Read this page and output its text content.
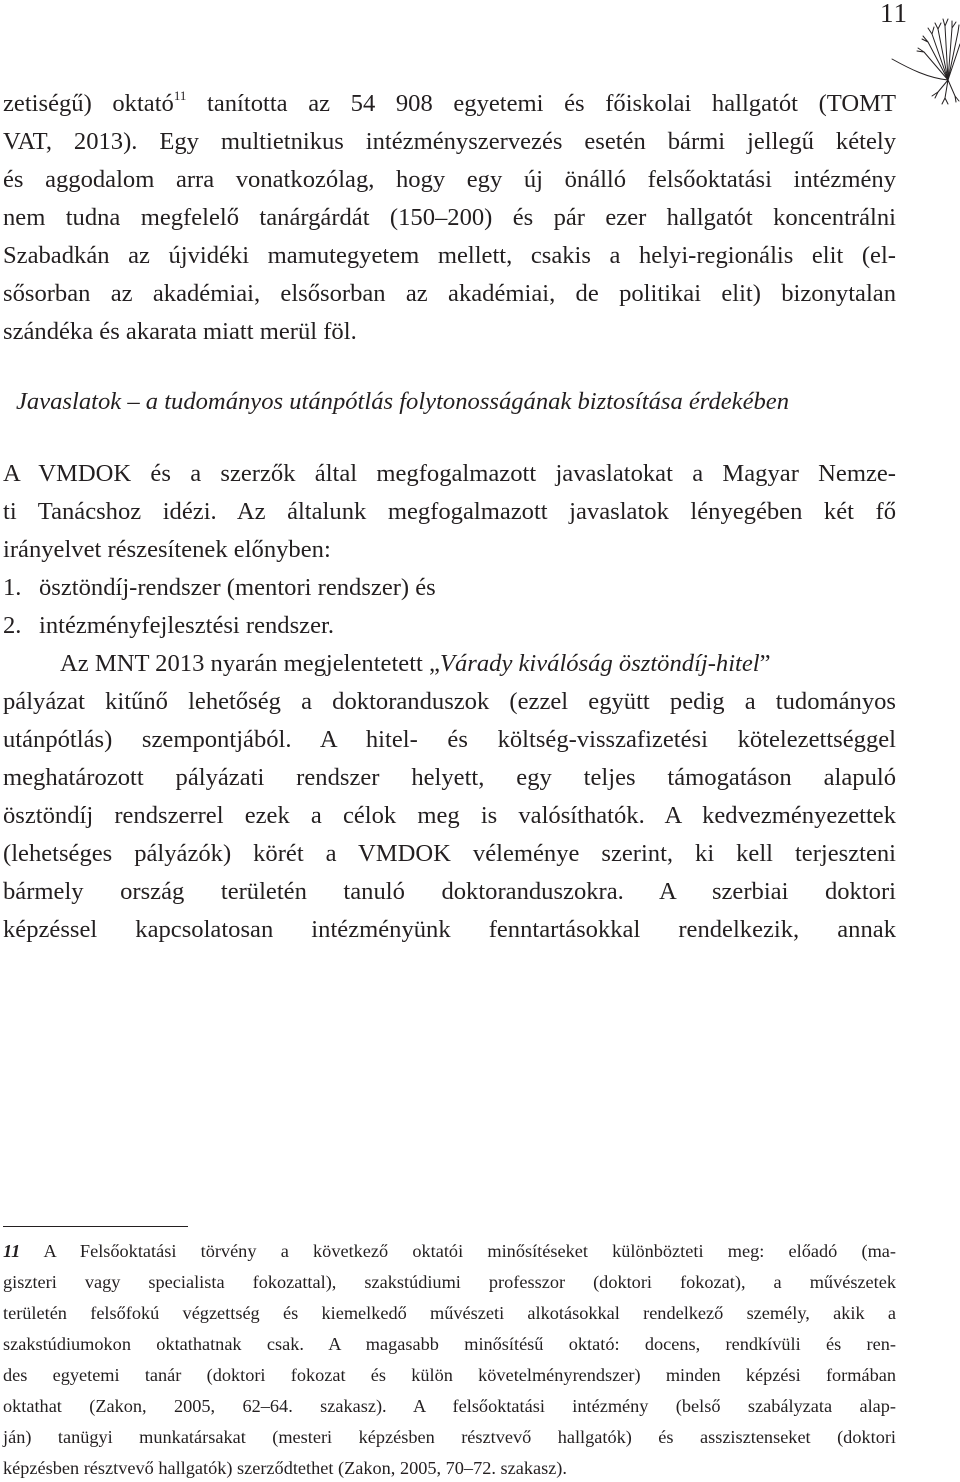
11
zetiségű) oktató$^{11}$ tanította az 54 908 egyetemi és főiskolai hallgatót (TOMT
VAT, 2013). Egy multietnikus intézményszervezés esetén bármi jellegű kétely
és aggodalom arra vonatkozólag, hogy egy új önálló felsőoktatási intézmény
nem tudna megfelelő tanárgárdát (150–200) és pár ezer hallgatót koncentrálni
Szabadkán az újvidéki mamutegyetem mellett, csakis a helyi-regionális elit (el-
sősorban az akadémiai, elsősorban az akadémiai, de politikai elit) bizonytalan
szándéka és akarata miatt merül föl.
Javaslatok – a tudományos utánpótlás folytonosságának biztosítása érdekében
A VMDOK és a szerzők által megfogalmazott javaslatokat a Magyar Nemze-
ti Tanácshoz idézi. Az általunk megfogalmazott javaslatok lényegében két fő
irányelvet részesítenek előnyben:
1. ösztöndíj-rendszer (mentori rendszer) és
2. intézményfejlesztési rendszer.
Az MNT 2013 nyarán megjelentetett „Várady kiválóság ösztöndíj-hitel”
pályázat kitűnő lehetőség a doktoranduszok (ezzel együtt pedig a tudományos
utánpótlás) szempontjából. A hitel- és költség-visszafizetési kötelezettséggel
meghatározott pályázati rendszer helyett, egy teljes támogatáson alapuló
ösztöndíj rendszerrel ezek a célok meg is valósíthatók. A kedvezményezettek
(lehetséges pályázók) körét a VMDOK véleménye szerint, ki kell terjeszteni
bármely ország területén tanuló doktoranduszokra. A szerbiai doktori
képzéssel kapcsolatosan intézményünk fenntartásokkal rendelkezik, annak
11 A Felsőoktatási törvény a következő oktatói minősítéseket különbözteti meg: előadó (ma-
giszteri vagy specialista fokozattal), szakstúdiumi professzor (doktori fokozat), a művészetek
területén felsőfokú végzettség és kiemelkedő művészeti alkotásokkal rendelkező személy, akik a
szakstúdiumokon oktathatnak csak. A magasabb minősítésű oktató: docens, rendkívüli és ren-
des egyetemi tanár (doktori fokozat és külön követelményrendszer) minden képzési formában
oktathat (Zakon, 2005, 62–64. szakasz). A felsőoktatási intézmény (belső szabályzata alap-
ján) tanügyi munkatársakat (mesteri képzésben résztvevő hallgatók) és asszisztenseket (doktori
képzésben résztvevő hallgatók) szerződtethet (Zakon, 2005, 70–72. szakasz).
